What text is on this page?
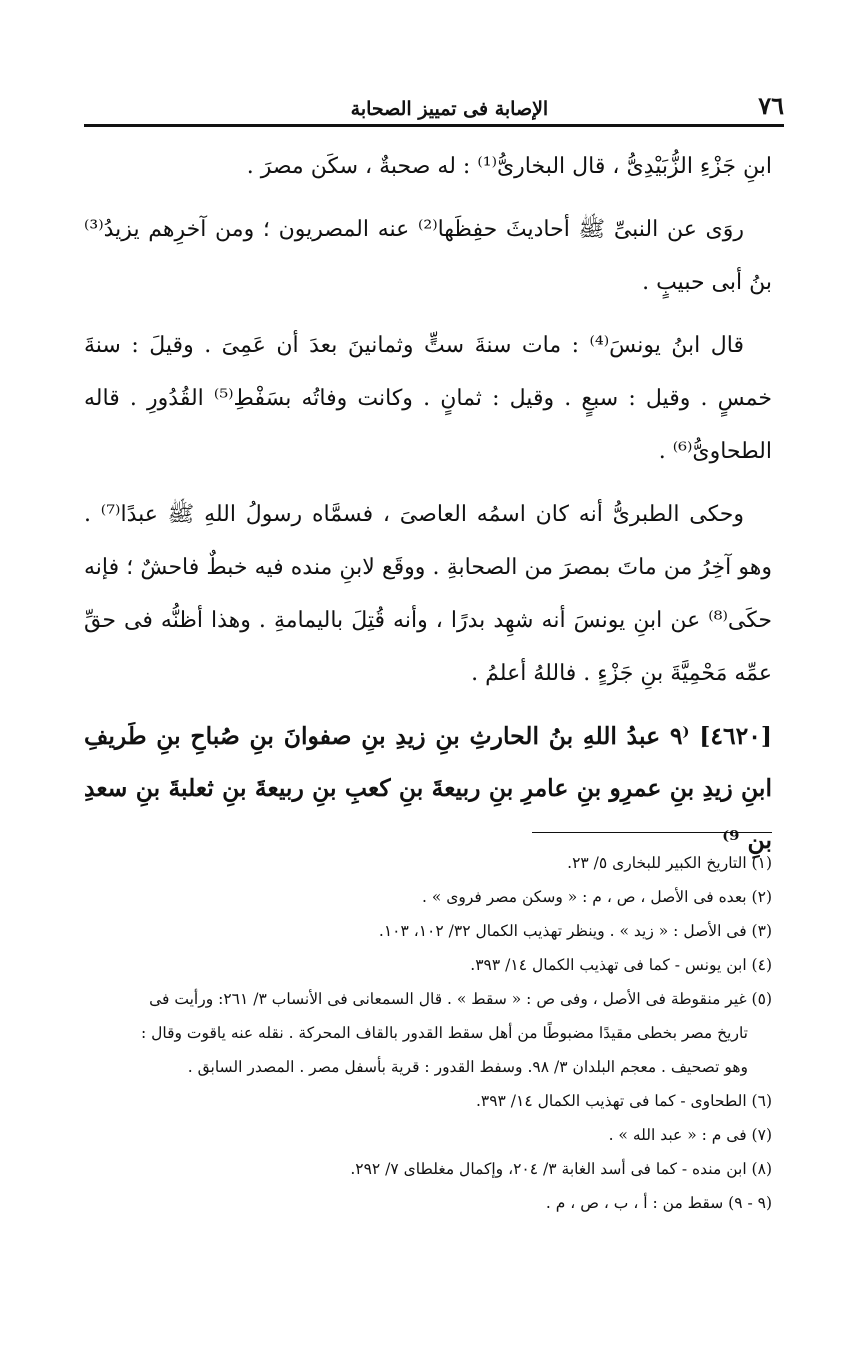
٧٦
الإصابة فى تمييز الصحابة

ابنِ جَزْءِ الزُّبَيْدِىُّ ، قال البخارىُّ⁽¹⁾ : له صحبةٌ ، سكَن مصرَ .

روَى عن النبىِّ ﷺ أحاديثَ حفِظَها⁽²⁾ عنه المصريون ؛ ومن آخرِهم يزيدُ⁽³⁾ بنُ أبى حبيبٍ .

قال ابنُ يونسَ⁽⁴⁾ : مات سنةَ ستٍّ وثمانينَ بعدَ أن عَمِىَ . وقيلَ : سنةَ خمسٍ . وقيل : سبعٍ . وقيل : ثمانٍ . وكانت وفاتُه بسَفْطِ⁽⁵⁾ القُدُورِ . قاله الطحاوىُّ⁽⁶⁾ .

وحكى الطبرىُّ أنه كان اسمُه العاصىَ ، فسمَّاه رسولُ اللهِ ﷺ عبدًا⁽⁷⁾ . وهو آخِرُ من ماتَ بمصرَ من الصحابةِ . ووقَع لابنِ منده فيه خبطٌ فاحشٌ ؛ فإنه حكَى⁽⁸⁾ عن ابنِ يونسَ أنه شهِد بدرًا ، وأنه قُتِلَ باليمامةِ . وهذا أظنُّه فى حقِّ عمِّه مَحْمِيَّةَ بنِ جَزْءٍ . فاللهُ أعلمُ .

[٤٦٢٠] ⁽٩ عبدُ اللهِ بنُ الحارثِ بنِ زيدِ بنِ صفوانَ بنِ صُباحِ بنِ طَريفِ ابنِ زيدِ بنِ عمرِو بنِ عامرِ بنِ ربيعةَ بنِ كعبِ بنِ ربيعةَ بنِ ثعلبةَ بنِ سعدِ بنِ ⁹⁾

(١) التاريخ الكبير للبخارى ٥/ ٢٣.

(٢) بعده فى الأصل ، ص ، م : « وسكن مصر فروى » .

(٣) فى الأصل : « زيد » . وينظر تهذيب الكمال ٣٢/ ١٠٢، ١٠٣.

(٤) ابن يونس - كما فى تهذيب الكمال ١٤/ ٣٩٣.

(٥) غير منقوطة فى الأصل ، وفى ص : « سقط » . قال السمعانى فى الأنساب ٣/ ٢٦١: ورأيت فى

تاريخ مصر بخطى مقيدًا مضبوطًا من أهل سقط القدور بالقاف المحركة . نقله عنه ياقوت وقال :

وهو تصحيف . معجم البلدان ٣/ ٩٨. وسفط القدور : قرية بأسفل مصر . المصدر السابق .

(٦) الطحاوى - كما فى تهذيب الكمال ١٤/ ٣٩٣.

(٧) فى م : « عبد الله » .

(٨) ابن منده - كما فى أسد الغابة ٣/ ٢٠٤، وإكمال مغلطاى ٧/ ٢٩٢.

(٩ - ٩) سقط من : أ ، ب ، ص ، م .
